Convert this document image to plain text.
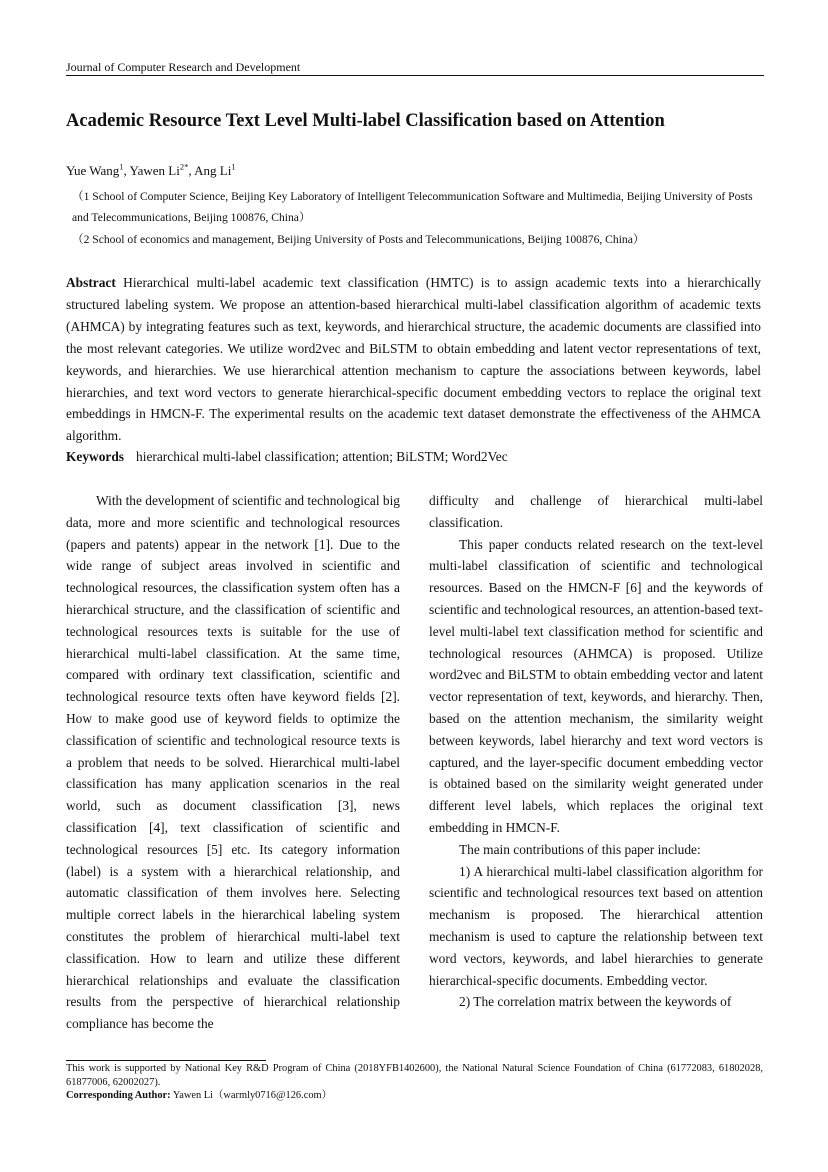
Journal of Computer Research and Development
Academic Resource Text Level Multi-label Classification based on Attention
Yue Wang$^1$, Yawen $Li^{2*}$, Ang Li$^1$
（1 School of Computer Science, Beijing Key Laboratory of Intelligent Telecommunication Software and Multimedia, Beijing University of Posts and Telecommunications, Beijing 100876, China）
（2 School of economics and management, Beijing University of Posts and Telecommunications, Beijing 100876, China）

Abstract Hierarchical multi-label academic text classification (HMTC) is to assign academic texts into a hierarchically structured labeling system. We propose an attention-based hierarchical multi-label classification algorithm of academic texts (AHMCA) by integrating features such as text, keywords, and hierarchical structure, the academic documents are classified into the most relevant categories. We utilize word2vec and BiLSTM to obtain embedding and latent vector representations of text, keywords, and hierarchies. We use hierarchical attention mechanism to capture the associations between keywords, label hierarchies, and text word vectors to generate hierarchical-specific document embedding vectors to replace the original text embeddings in HMCN-F. The experimental results on the academic text dataset demonstrate the effectiveness of the AHMCA algorithm.

Keywords hierarchical multi-label classification; attention; BiLSTM; Word2Vec

With the development of scientific and technological big data, more and more scientific and technological resources (papers and patents) appear in the network [1]. Due to the wide range of subject areas involved in scientific and technological resources, the classification system often has a hierarchical structure, and the classification of scientific and technological resources texts is suitable for the use of hierarchical multi-label classification. At the same time, compared with ordinary text classification, scientific and technological resource texts often have keyword fields [2]. How to make good use of keyword fields to optimize the classification of scientific and technological resource texts is a problem that needs to be solved. Hierarchical multi-label classification has many application scenarios in the real world, such as document classification [3], news classification [4], text classification of scientific and technological resources [5] etc. Its category information (label) is a system with a hierarchical relationship, and automatic classification of them involves here. Selecting multiple correct labels in the hierarchical labeling system constitutes the problem of hierarchical multi-label text classification. How to learn and utilize these different hierarchical relationships and evaluate the classification results from the perspective of hierarchical relationship compliance has become the

difficulty and challenge of hierarchical multi-label classification.

This paper conducts related research on the text-level multi-label classification of scientific and technological resources. Based on the HMCN-F [6] and the keywords of scientific and technological resources, an attention-based text-level multi-label text classification method for scientific and technological resources (AHMCA) is proposed. Utilize word2vec and BiLSTM to obtain embedding vector and latent vector representation of text, keywords, and hierarchy. Then, based on the attention mechanism, the similarity weight between keywords, label hierarchy and text word vectors is captured, and the layer-specific document embedding vector is obtained based on the similarity weight generated under different level labels, which replaces the original text embedding in HMCN-F.

The main contributions of this paper include:

1) A hierarchical multi-label classification algorithm for scientific and technological resources text based on attention mechanism is proposed. The hierarchical attention mechanism is used to capture the relationship between text word vectors, keywords, and label hierarchies to generate hierarchical-specific documents. Embedding vector.

2) The correlation matrix between the keywords of

This work is supported by National Key R&D Program of China (2018YFB1402600), the National Natural Science Foundation of China (61772083, 61802028, 61877006, 62002027).
Corresponding Author: Yawen Li（warmly0716@126.com）
